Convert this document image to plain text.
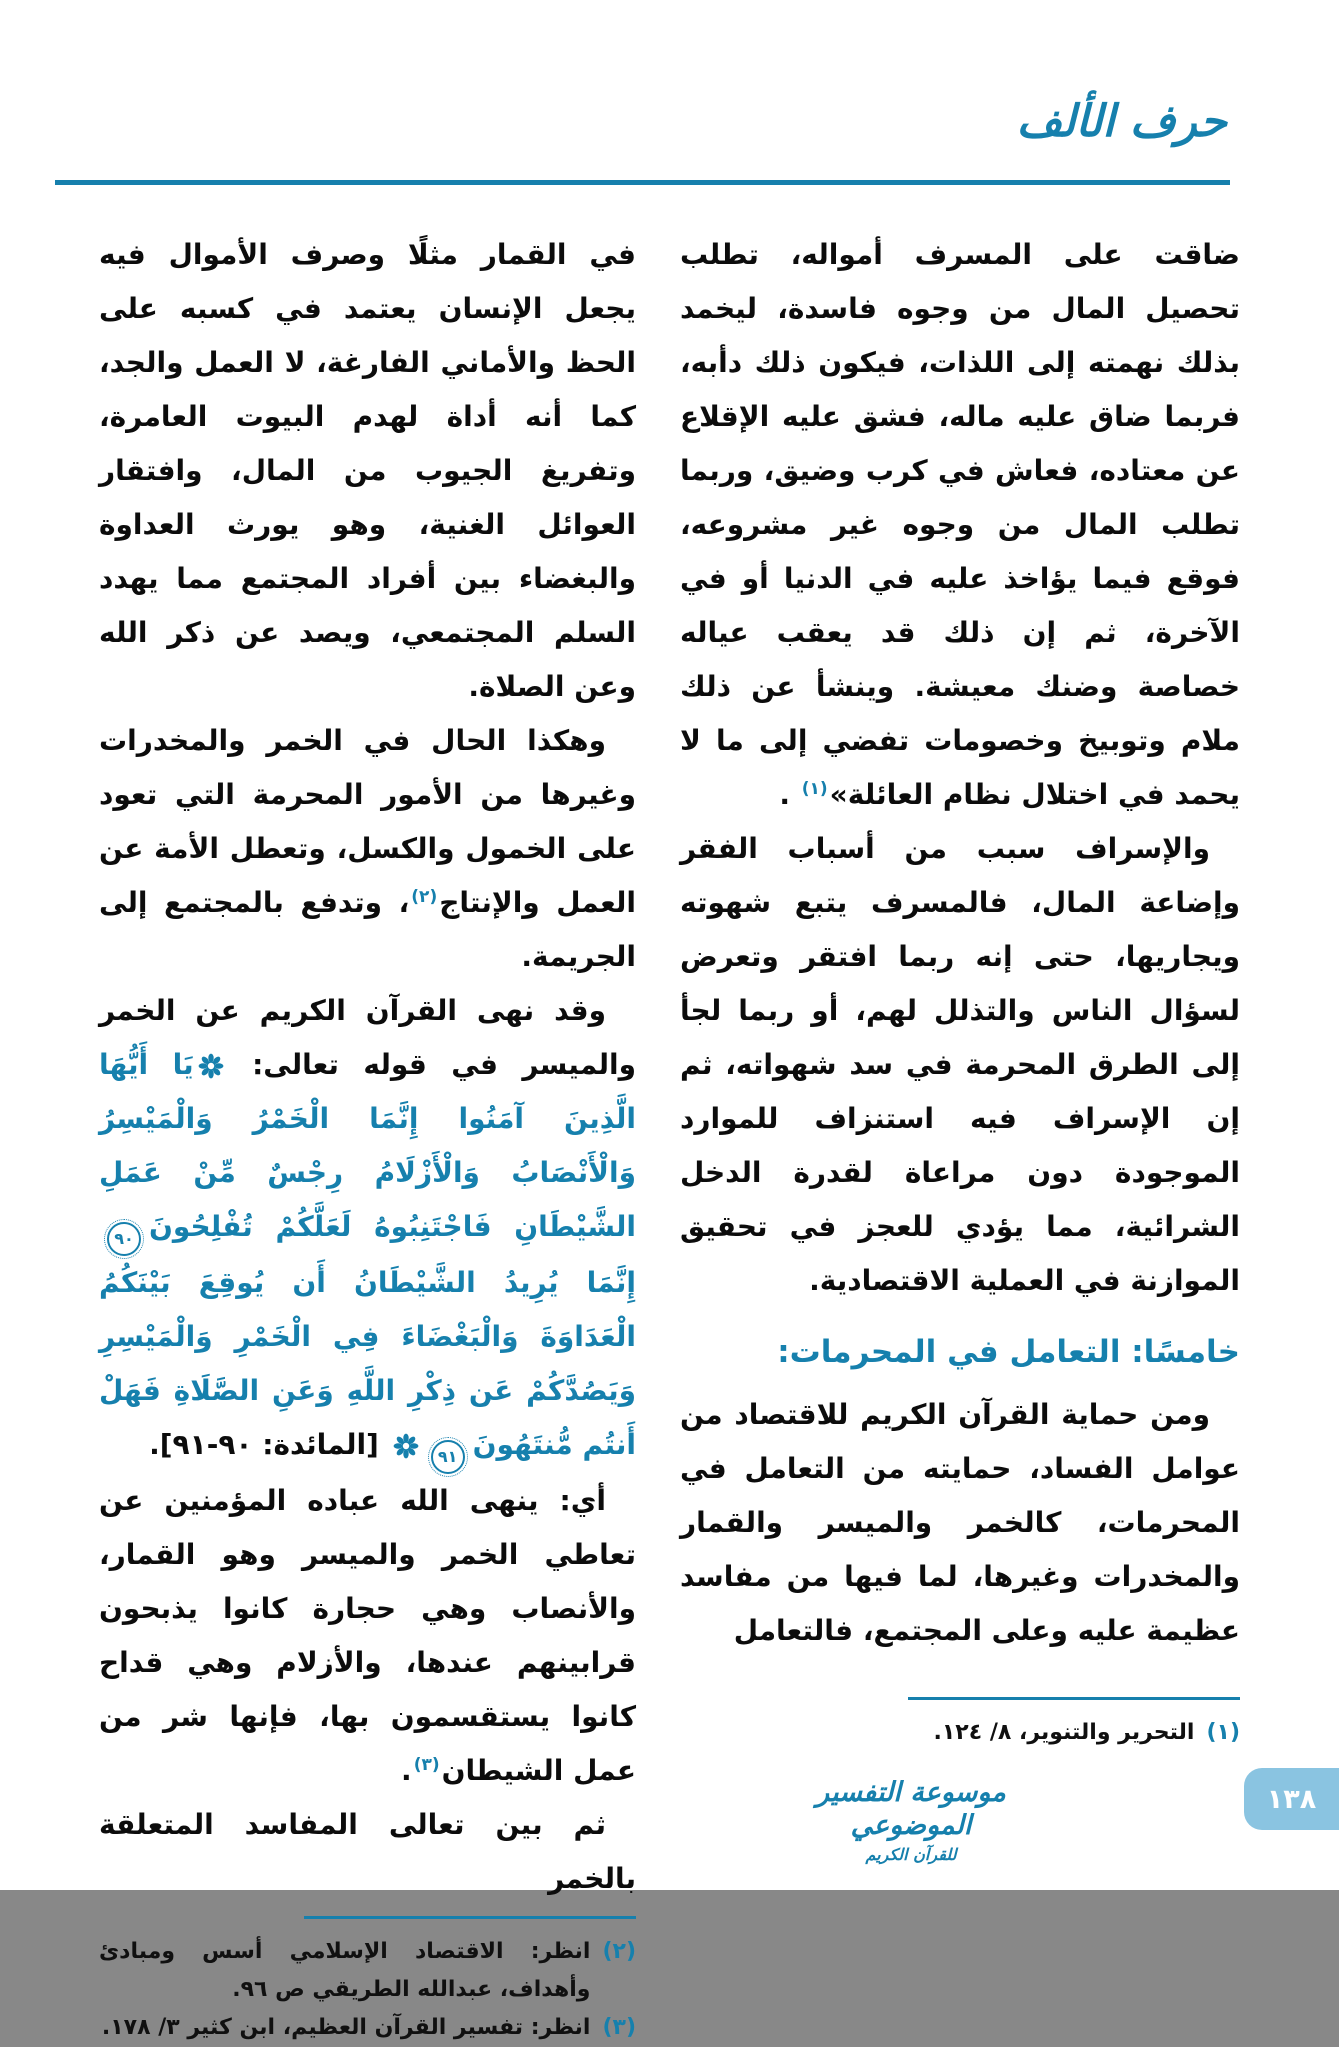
حرف الألف

ضاقت على المسرف أمواله، تطلب تحصيل المال من وجوه فاسدة، ليخمد بذلك نهمته إلى اللذات، فيكون ذلك دأبه، فربما ضاق عليه ماله، فشق عليه الإقلاع عن معتاده، فعاش في كرب وضيق، وربما تطلب المال من وجوه غير مشروعه، فوقع فيما يؤاخذ عليه في الدنيا أو في الآخرة، ثم إن ذلك قد يعقب عياله خصاصة وضنك معيشة. وينشأ عن ذلك ملام وتوبيخ وخصومات تفضي إلى ما لا يحمد في اختلال نظام العائلة»$^{(١)}$ .

والإسراف سبب من أسباب الفقر وإضاعة المال، فالمسرف يتبع شهوته ويجاريها، حتى إنه ربما افتقر وتعرض لسؤال الناس والتذلل لهم، أو ربما لجأ إلى الطرق المحرمة في سد شهواته، ثم إن الإسراف فيه استنزاف للموارد الموجودة دون مراعاة لقدرة الدخل الشرائية، مما يؤدي للعجز في تحقيق الموازنة في العملية الاقتصادية.

خامسًا: التعامل في المحرمات:

ومن حماية القرآن الكريم للاقتصاد من عوامل الفساد، حمايته من التعامل في المحرمات، كالخمر والميسر والقمار والمخدرات وغيرها، لما فيها من مفاسد عظيمة عليه وعلى المجتمع، فالتعامل

(١)
التحرير والتنوير، ٨/ ١٢٤.

في القمار مثلًا وصرف الأموال فيه يجعل الإنسان يعتمد في كسبه على الحظ والأماني الفارغة، لا العمل والجد، كما أنه أداة لهدم البيوت العامرة، وتفريغ الجيوب من المال، وافتقار العوائل الغنية، وهو يورث العداوة والبغضاء بين أفراد المجتمع مما يهدد السلم المجتمعي، ويصد عن ذكر الله وعن الصلاة.

وهكذا الحال في الخمر والمخدرات وغيرها من الأمور المحرمة التي تعود على الخمول والكسل، وتعطل الأمة عن العمل والإنتاج$^{(٢)}$، وتدفع بالمجتمع إلى الجريمة.

وقد نهى القرآن الكريم عن الخمر والميسر في قوله تعالى: يَا أَيُّهَا الَّذِينَ آمَنُوا إِنَّمَا الْخَمْرُ وَالْمَيْسِرُ وَالْأَنْصَابُ وَالْأَزْلَامُ رِجْسٌ مِّنْ عَمَلِ الشَّيْطَانِ فَاجْتَنِبُوهُ لَعَلَّكُمْ تُفْلِحُونَ٩٠إِنَّمَا يُرِيدُ الشَّيْطَانُ أَن يُوقِعَ بَيْنَكُمُ الْعَدَاوَةَ وَالْبَغْضَاءَ فِي الْخَمْرِ وَالْمَيْسِرِ وَيَصُدَّكُمْ عَن ذِكْرِ اللَّهِ وَعَنِ الصَّلَاةِ فَهَلْ أَنتُم مُّنتَهُونَ٩١ [المائدة: ٩٠-٩١].

أي: ينهى الله عباده المؤمنين عن تعاطي الخمر والميسر وهو القمار، والأنصاب وهي حجارة كانوا يذبحون قرابينهم عندها، والأزلام وهي قداح كانوا يستقسمون بها، فإنها شر من عمل الشيطان$^{(٣)}$.

ثم بين تعالى المفاسد المتعلقة بالخمر

(٢)
انظر: الاقتصاد الإسلامي أسس ومبادئ وأهداف، عبدالله الطريقي ص ٩٦.
(٣)
انظر: تفسير القرآن العظيم، ابن كثير ٣/ ١٧٨.
موسوعة التفسير الموضوعي
للقرآن الكريم
١٣٨
